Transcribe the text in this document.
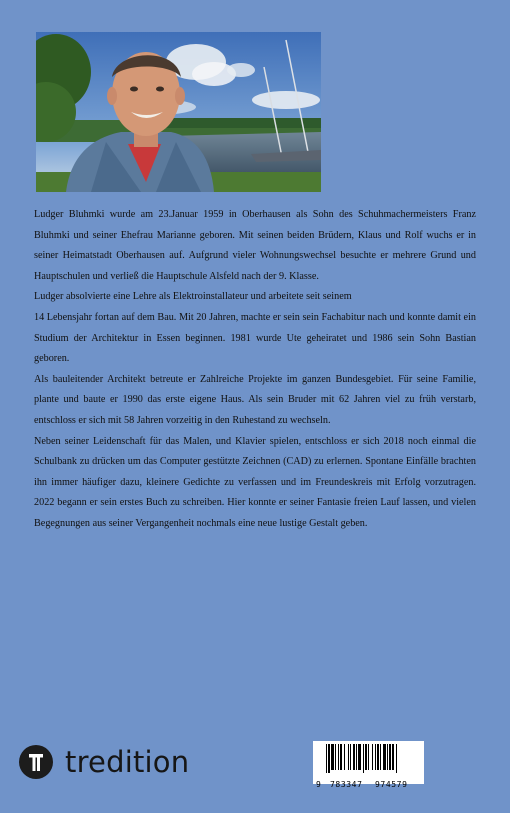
Ludger Bluhmki wurde am 23.Januar 1959 in Oberhausen als Sohn des Schuhmachermeisters Franz Bluhmki und seiner Ehefrau Marianne geboren. Mit seinen beiden Brüdern, Klaus und Rolf wuchs er in seiner Heimatstadt Oberhausen auf. Aufgrund vieler Wohnungswechsel besuchte er mehrere Grund und Hauptschulen und verließ die Hauptschule Alsfeld nach der 9. Klasse.

Ludger absolvierte eine Lehre als Elektroinstallateur und arbeitete seit seinem

14 Lebensjahr fortan auf dem Bau. Mit 20 Jahren, machte er sein sein Fachabitur nach und konnte damit ein Studium der Architektur in Essen beginnen. 1981 wurde Ute geheiratet und 1986 sein Sohn Bastian geboren.

Als bauleitender Architekt betreute er Zahlreiche Projekte im ganzen Bundesgebiet. Für seine Familie, plante und baute er 1990 das erste eigene Haus. Als sein Bruder mit 62 Jahren viel zu früh verstarb, entschloss er sich mit 58 Jahren vorzeitig in den Ruhestand zu wechseln.

Neben seiner Leidenschaft für das Malen, und Klavier spielen, entschloss er sich 2018 noch einmal die Schulbank zu drücken um das Computer gestützte Zeichnen (CAD) zu erlernen. Spontane Einfälle brachten ihn immer häufiger dazu, kleinere Gedichte zu verfassen und im Freundeskreis mit Erfolg vorzutragen. 2022 begann er sein erstes Buch zu schreiben. Hier konnte er seiner Fantasie freien Lauf lassen, und vielen Begegnungen aus seiner Vergangenheit nochmals eine neue lustige Gestalt geben.

tredition
9 783347 974579
